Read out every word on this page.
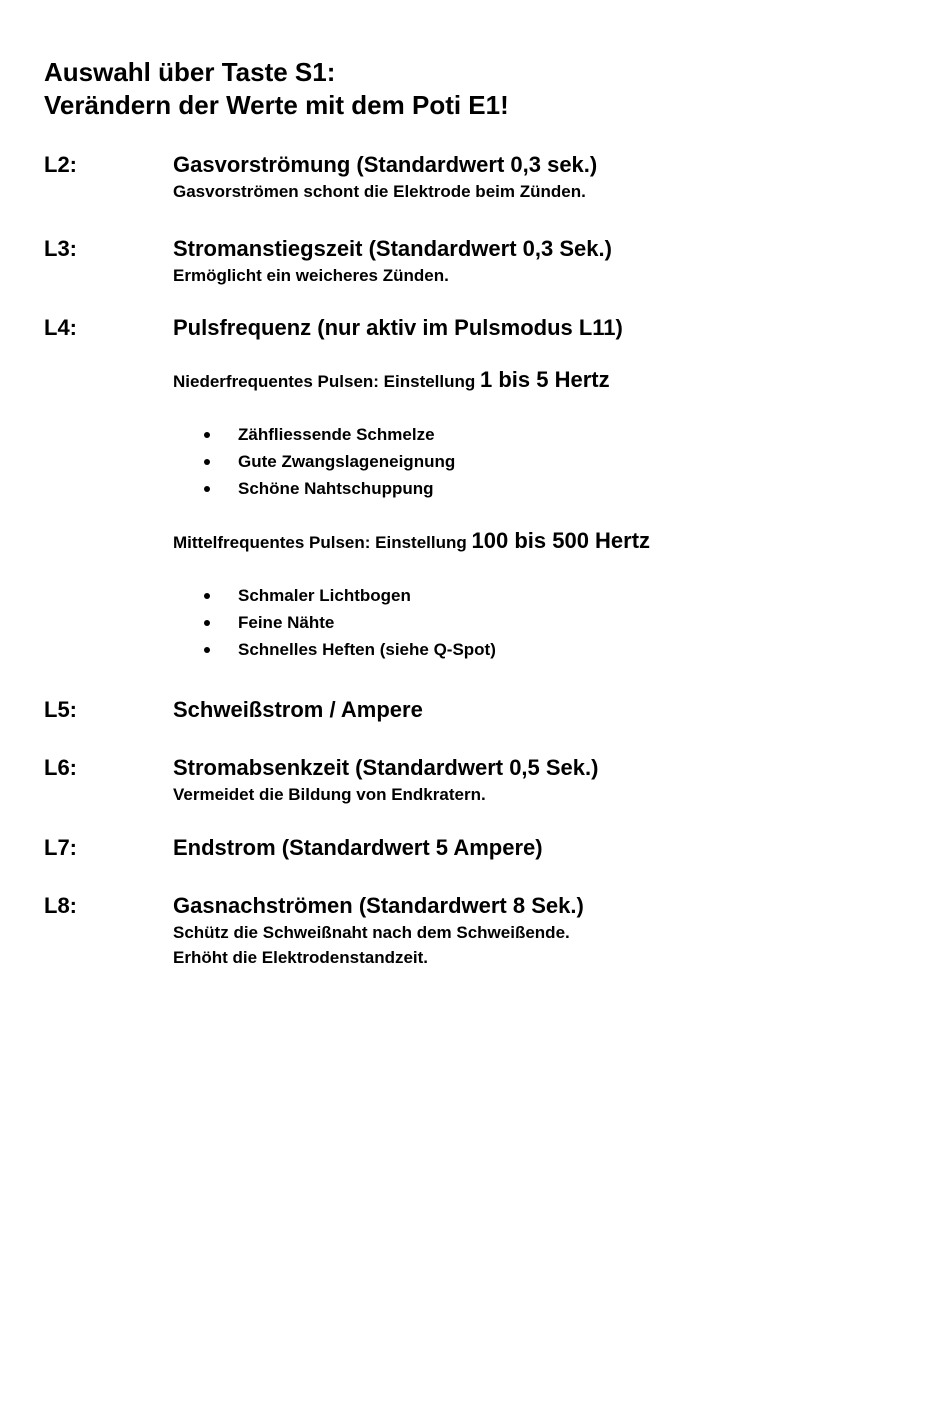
Auswahl über Taste S1:

Verändern der Werte mit dem Poti E1!

L2:	Gasvorströmung (Standardwert 0,3 sek.)
Gasvorströmen schont die Elektrode beim Zünden.
L3:	Stromanstiegszeit (Standardwert 0,3 Sek.)
Ermöglicht ein weicheres Zünden.
L4:	Pulsfrequenz (nur aktiv im Pulsmodus L11)
Niederfrequentes Pulsen: Einstellung 1 bis 5 Hertz
Zähfliessende Schmelze
Gute Zwangslageneignung
Schöne Nahtschuppung
Mittelfrequentes Pulsen: Einstellung 100 bis 500 Hertz
Schmaler Lichtbogen
Feine Nähte
Schnelles Heften (siehe Q-Spot)
L5:	Schweißstrom / Ampere
L6:	Stromabsenkzeit (Standardwert 0,5 Sek.)
Vermeidet die Bildung von Endkratern.
L7:	Endstrom (Standardwert 5 Ampere)
L8:	Gasnachströmen (Standardwert 8 Sek.)
Schütz die Schweißnaht nach dem Schweißende.
Erhöht die Elektrodenstandzeit.
